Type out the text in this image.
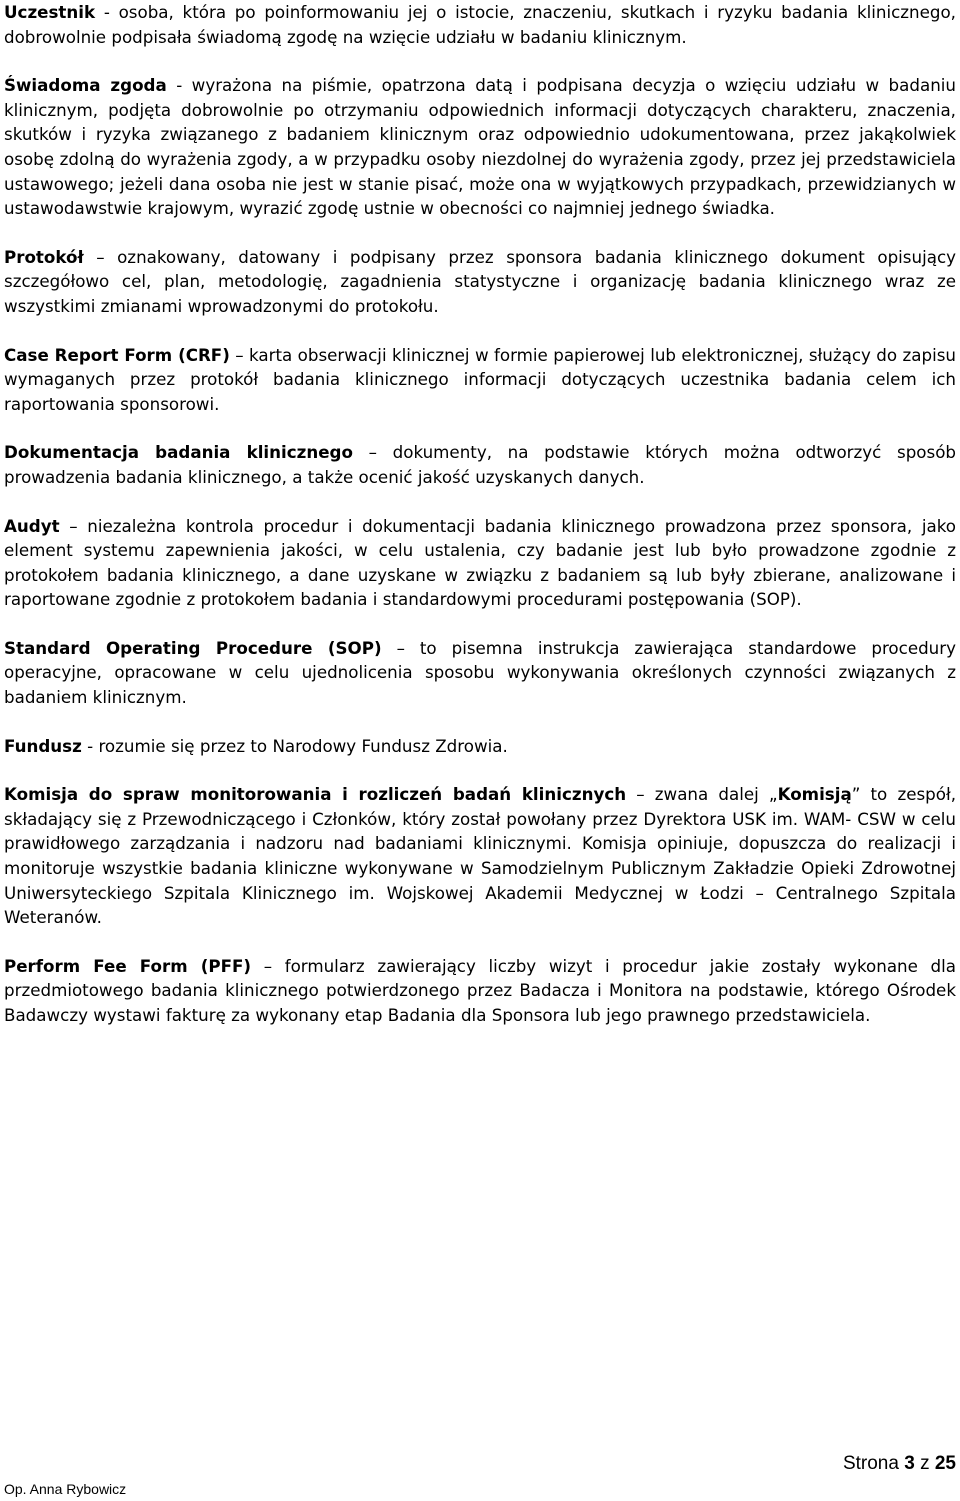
Uczestnik - osoba, która po poinformowaniu jej o istocie, znaczeniu, skutkach i ryzyku badania klinicznego, dobrowolnie podpisała świadomą zgodę na wzięcie udziału w badaniu klinicznym.

Świadoma zgoda - wyrażona na piśmie, opatrzona datą i podpisana decyzja o wzięciu udziału w badaniu klinicznym, podjęta dobrowolnie po otrzymaniu odpowiednich informacji dotyczących charakteru, znaczenia, skutków i ryzyka związanego z badaniem klinicznym oraz odpowiednio udokumentowana, przez jakąkolwiek osobę zdolną do wyrażenia zgody, a w przypadku osoby niezdolnej do wyrażenia zgody, przez jej przedstawiciela ustawowego; jeżeli dana osoba nie jest w stanie pisać, może ona w wyjątkowych przypadkach, przewidzianych w ustawodawstwie krajowym, wyrazić zgodę ustnie w obecności co najmniej jednego świadka.

Protokół – oznakowany, datowany i podpisany przez sponsora badania klinicznego dokument opisujący szczegółowo cel, plan, metodologię, zagadnienia statystyczne i organizację badania klinicznego wraz ze wszystkimi zmianami wprowadzonymi do protokołu.

Case Report Form (CRF) – karta obserwacji klinicznej w formie papierowej lub elektronicznej, służący do zapisu wymaganych przez protokół badania klinicznego informacji dotyczących uczestnika badania celem ich raportowania sponsorowi.

Dokumentacja badania klinicznego – dokumenty, na podstawie których można odtworzyć sposób prowadzenia badania klinicznego, a także ocenić jakość uzyskanych danych.

Audyt – niezależna kontrola procedur i dokumentacji badania klinicznego prowadzona przez sponsora, jako element systemu zapewnienia jakości, w celu ustalenia, czy badanie jest lub było prowadzone zgodnie z protokołem badania klinicznego, a dane uzyskane w związku z badaniem są lub były zbierane, analizowane i raportowane zgodnie z protokołem badania i standardowymi procedurami postępowania (SOP).

Standard Operating Procedure (SOP) – to pisemna instrukcja zawierająca standardowe procedury operacyjne, opracowane w celu ujednolicenia sposobu wykonywania określonych czynności związanych z badaniem klinicznym.

Fundusz - rozumie się przez to Narodowy Fundusz Zdrowia.

Komisja do spraw monitorowania i rozliczeń badań klinicznych – zwana dalej „Komisją” to zespół, składający się z Przewodniczącego i Członków, który został powołany przez Dyrektora USK im. WAM- CSW w celu prawidłowego zarządzania i nadzoru nad badaniami klinicznymi. Komisja opiniuje, dopuszcza do realizacji i monitoruje wszystkie badania kliniczne wykonywane w Samodzielnym Publicznym Zakładzie Opieki Zdrowotnej Uniwersyteckiego Szpitala Klinicznego im. Wojskowej Akademii Medycznej w Łodzi – Centralnego Szpitala Weteranów.

Perform Fee Form (PFF) – formularz zawierający liczby wizyt i procedur jakie zostały wykonane dla przedmiotowego badania klinicznego potwierdzonego przez Badacza i Monitora na podstawie, którego Ośrodek Badawczy wystawi fakturę za wykonany etap Badania dla Sponsora lub jego prawnego przedstawiciela.

Strona 3 z 25
Op. Anna Rybowicz
